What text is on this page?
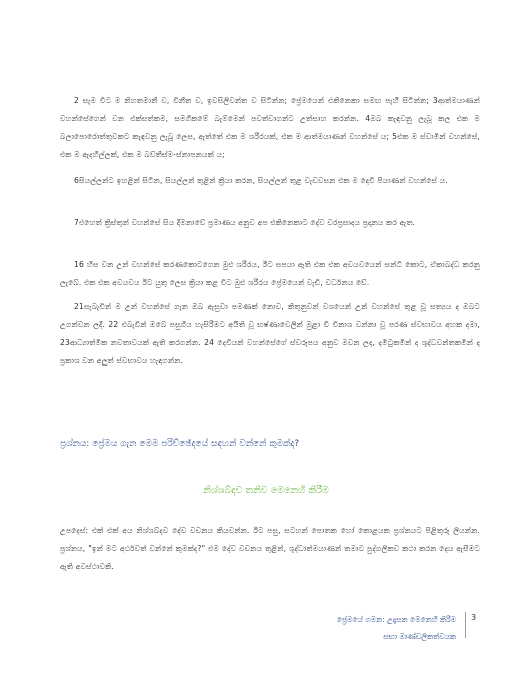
2 සැම විට ම නිහතමානී ව, විනීත ව, ඉවසිලිවන්ත ව සිටින්න; ප්‍රේමයෙන් එකිනෙකා සමඟ පැහී සිටින්න; 3ආත්මයාණන් වහන්සේගෙන් වන එක්සත්කම, සමගිකමේ බැම්මෙන් පවත්වාගන්ට උත්සාහ කරන්න. 4ඔබ කැඳවනු ලැබූ කල එක ම බලාපොරොත්තුවකට කැඳවනු ලැබූ ලෙස, ඇත්තේ එක ම ශරීරයක්, එක ම ආත්මයාණන් වහන්සේ ය; 5එක ම ස්වාමීන් වහන්සේ, එක ම ඇදහිල්ලක්, එක ම බව්තීස්ම-ස්නාපනයක් ය;
6සියල්ලන්ට ඉහළින් සිටින, සියල්ලන් තුළින් ක්‍රියා කරන, සියල්ලන් තුළ වැඩවසන එක ම දෙවි පියාණන් වහන්සේ ය.
7එහෙත් ක්‍රිස්තුන් වහන්සේ සිය දීමනාවේ ප්‍රමාණය අනුව අප එකිනෙකාට දේව වරප්‍රසාදය ප්‍රදානය කර ඇත.
16 හිස වන උන් වහන්සේ කරණකොටගෙන මුළු ශරීරය, ඊට සපයා ඇති එක එක අවයවයෙන් සන්ධි කොට, ඒකාබද්ධ කරනු ලැබේ. එක එක අවයවය ඊට යුතු ලෙස ක්‍රියා කළ විට මුළු ශරීරය ප්‍රේමයෙන් වැඩී, වර්ධනය වේ.
21සැබැවින් ම උන් වහන්සේ ගැන ඔබ ඇසුවා පමණක් නොව, කිතුනුවන් වශයෙන් උන් වහන්සේ තුළ වූ සත්‍යය ද ඔබට උගන්වන ලදී. 22 එබැවින් ඔබේ පසුගිය හැසිරීමට අයිති වූ භෂ්ණාවෙලින් මුළා වී විනාශ වන්නා වූ පරණ ස්වභාවය අහක දමා, 23ආධ්‍යාත්මික නවතාවයක් ඇති කරගන්න. 24 දෙවියන් වහන්සේගේ ස්වරූපය අනුව මවන ලද, දමිටුකමින් ද ශුද්ධවන්තකමින් ද ප්‍රකාශ වන අලුත් ස්වභාවය හැඳගන්න.
ප්‍රශ්නය: ප්‍රේමය ගැන මෙම පරිච්ඡේදයේ සඳහන් වන්නේ කුමක්ද?
නිශ්ශබ්දව තනිව මෙනෙහි කිරීම
උපදෙස්: එක් එක් අය නිශ්ශබ්දව දේව වචනය කියවන්න. ඊට පසු, සටහන් පොතක හෝ කොළයක ප්‍රශ්නයට පිළිතුරු ලියන්න. ප්‍රශ්නය, "ඉන් මට අර්ථවත් වන්නේ කුමක්ද?" එම දේව වචනය තුළින්, ශුද්ධාත්මයාණන් තමාට පුද්ගලිකව කථා කරන දෙය ඇසීමට ඇති අවස්ථාවකි.
ප්‍රේමයේ ගමන: උදෑසන මෙනෙහි කිරීම 3
සභා මාණ්ඩලිකත්වයක
